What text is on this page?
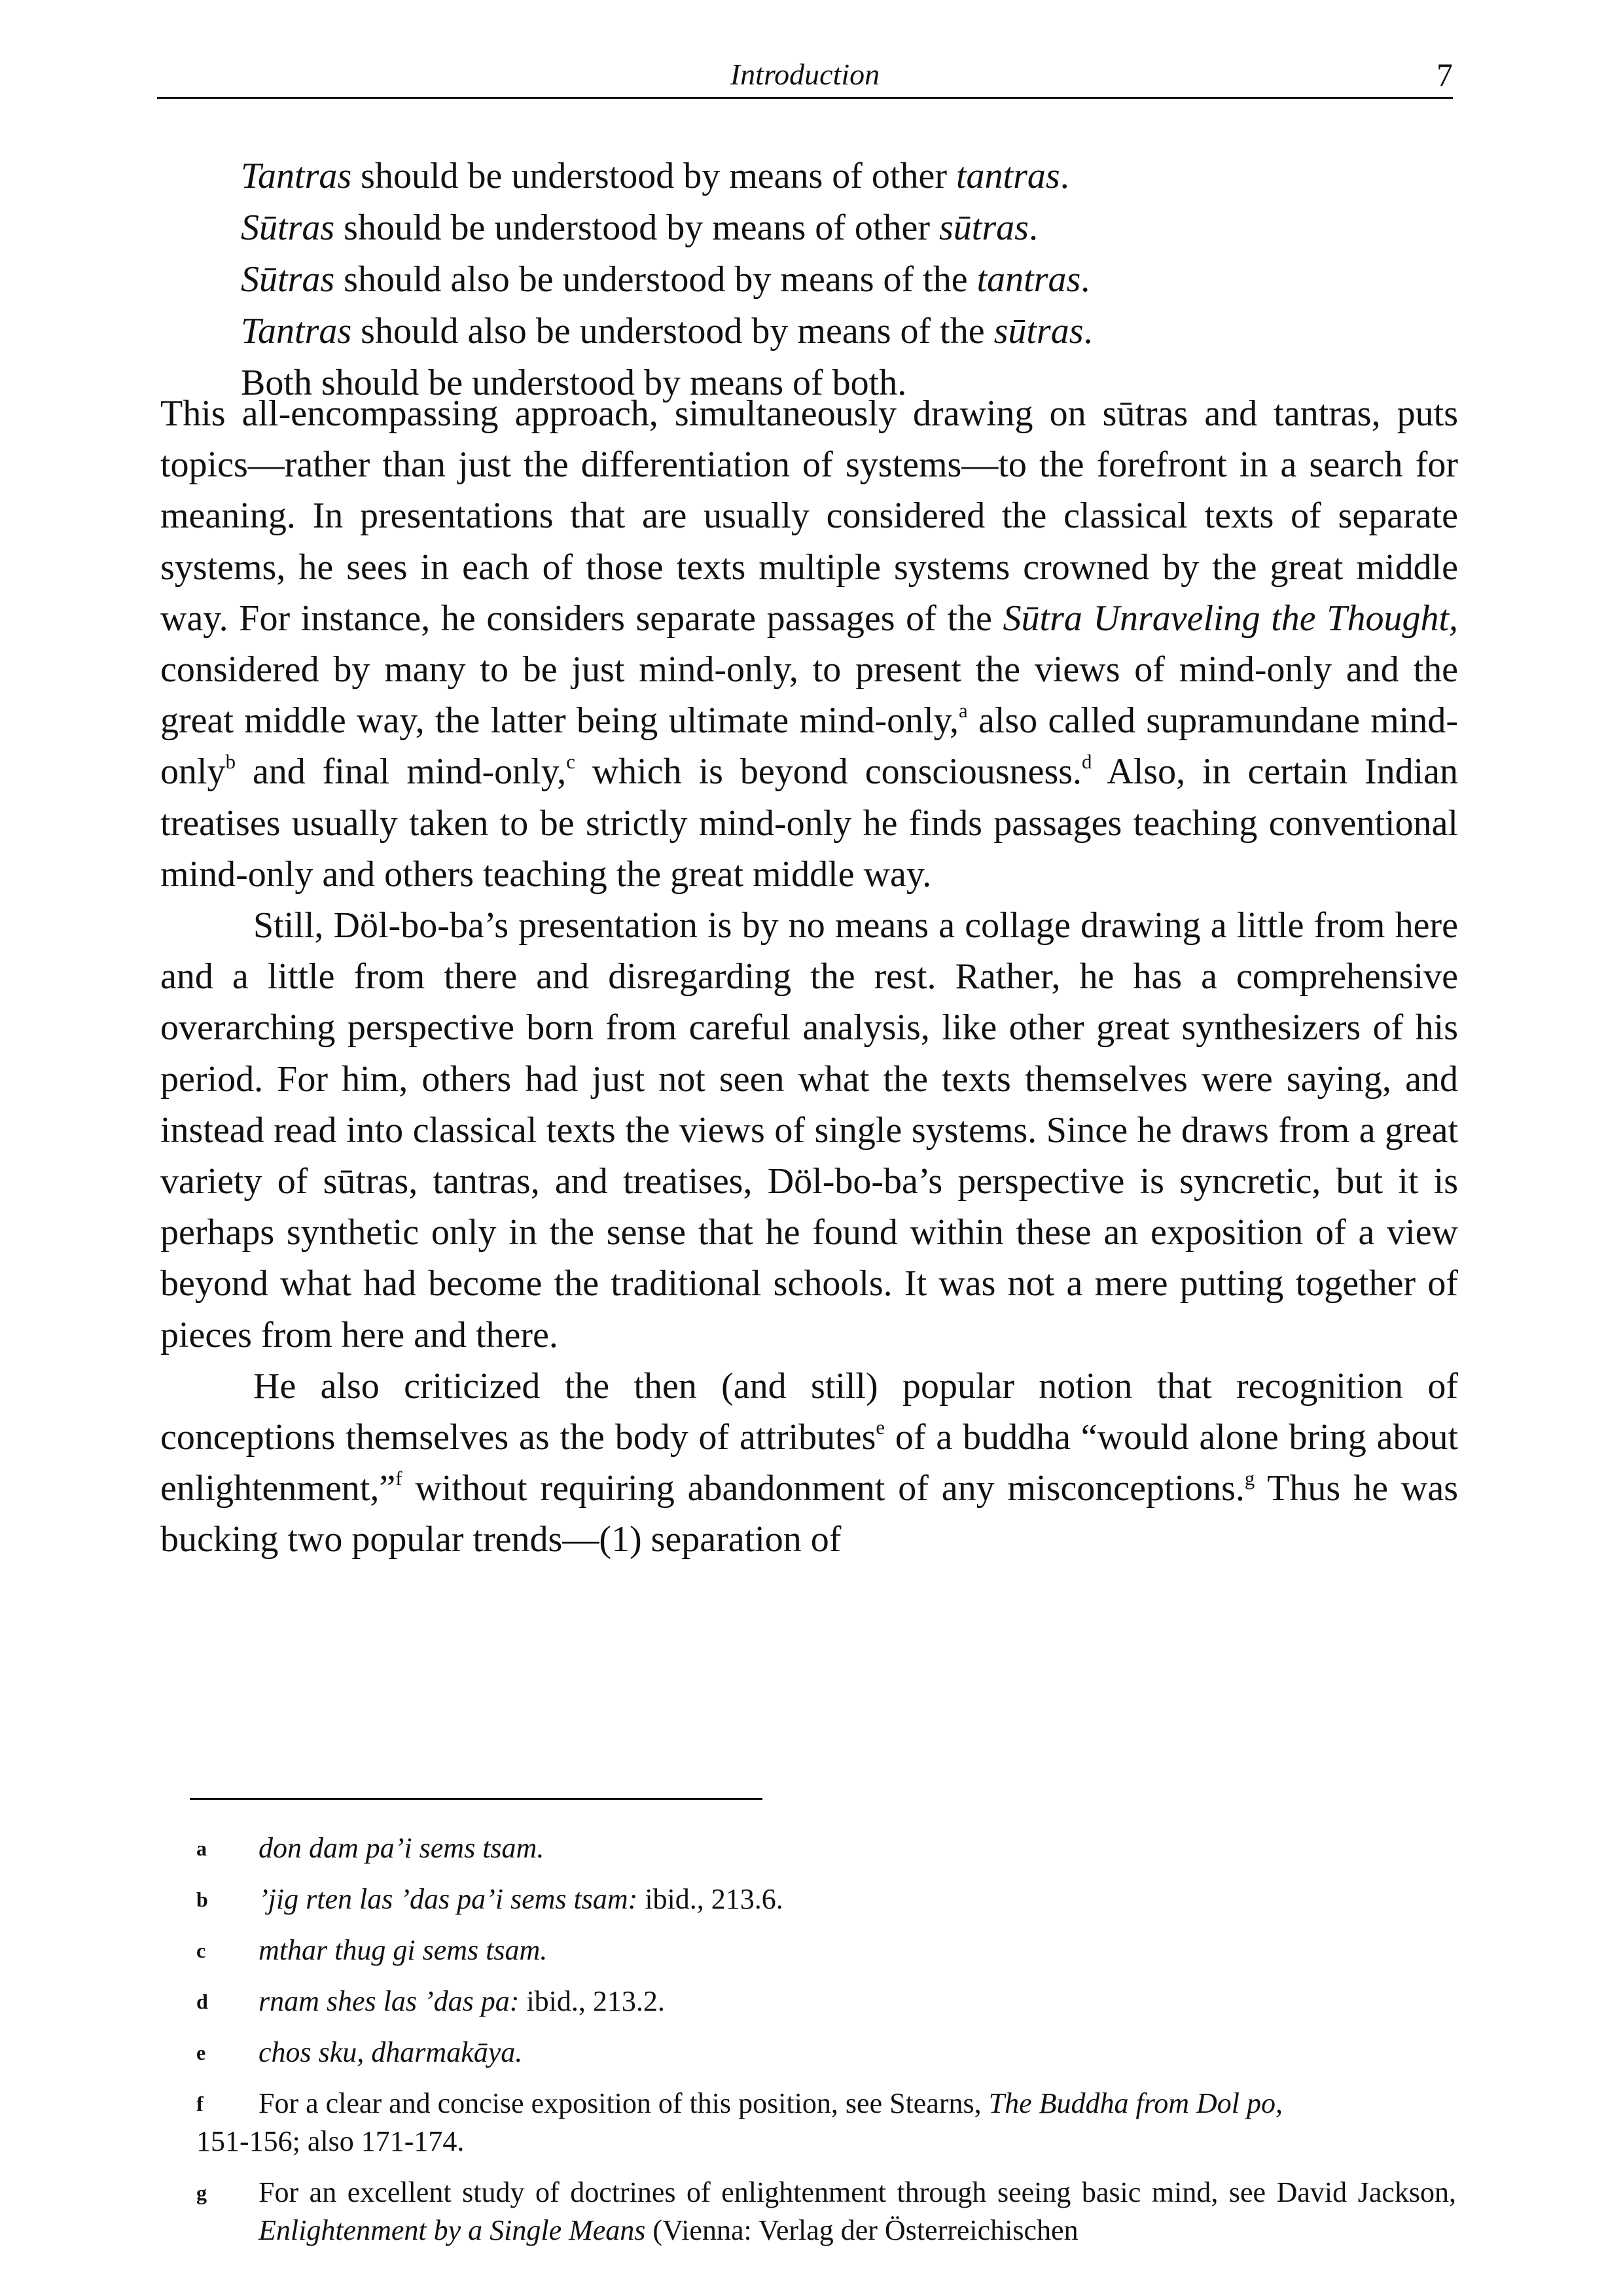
Introduction	7
Tantras should be understood by means of other tantras.
Sūtras should be understood by means of other sūtras.
Sūtras should also be understood by means of the tantras.
Tantras should also be understood by means of the sūtras.
Both should be understood by means of both.

This all-encompassing approach, simultaneously drawing on sūtras and tantras, puts topics—rather than just the differentiation of systems—to the forefront in a search for meaning. In presentations that are usually considered the classical texts of separate systems, he sees in each of those texts multiple systems crowned by the great middle way. For instance, he considers separate passages of the Sūtra Unraveling the Thought, considered by many to be just mind-only, to present the views of mind-only and the great middle way, the latter being ultimate mind-only,$^a$ also called supramundane mind-only$^b$ and final mind-only,$^c$ which is beyond consciousness.$^d$ Also, in certain Indian treatises usually taken to be strictly mind-only he finds passages teaching conventional mind-only and others teaching the great middle way.

Still, Döl-bo-ba’s presentation is by no means a collage drawing a little from here and a little from there and disregarding the rest. Rather, he has a comprehensive overarching perspective born from careful analysis, like other great synthesizers of his period. For him, others had just not seen what the texts themselves were saying, and instead read into classical texts the views of single systems. Since he draws from a great variety of sūtras, tantras, and treatises, Döl-bo-ba’s perspective is syncretic, but it is perhaps synthetic only in the sense that he found within these an exposition of a view beyond what had become the traditional schools. It was not a mere putting together of pieces from here and there.

He also criticized the then (and still) popular notion that recognition of conceptions themselves as the body of attributes$^e$ of a buddha “would alone bring about enlightenment,”$^f$ without requiring abandonment of any misconceptions.$^g$ Thus he was bucking two popular trends—(1) separation of

a don dam pa’i sems tsam.
b ’jig rten las ’das pa’i sems tsam: ibid., 213.6.
c mthar thug gi sems tsam.
d rnam shes las ’das pa: ibid., 213.2.
e chos sku, dharmakāya.
f For a clear and concise exposition of this position, see Stearns, The Buddha from Dol po,
151-156; also 171-174.
g For an excellent study of doctrines of enlightenment through seeing basic mind, see David Jackson, Enlightenment by a Single Means (Vienna: Verlag der Österreichischen
